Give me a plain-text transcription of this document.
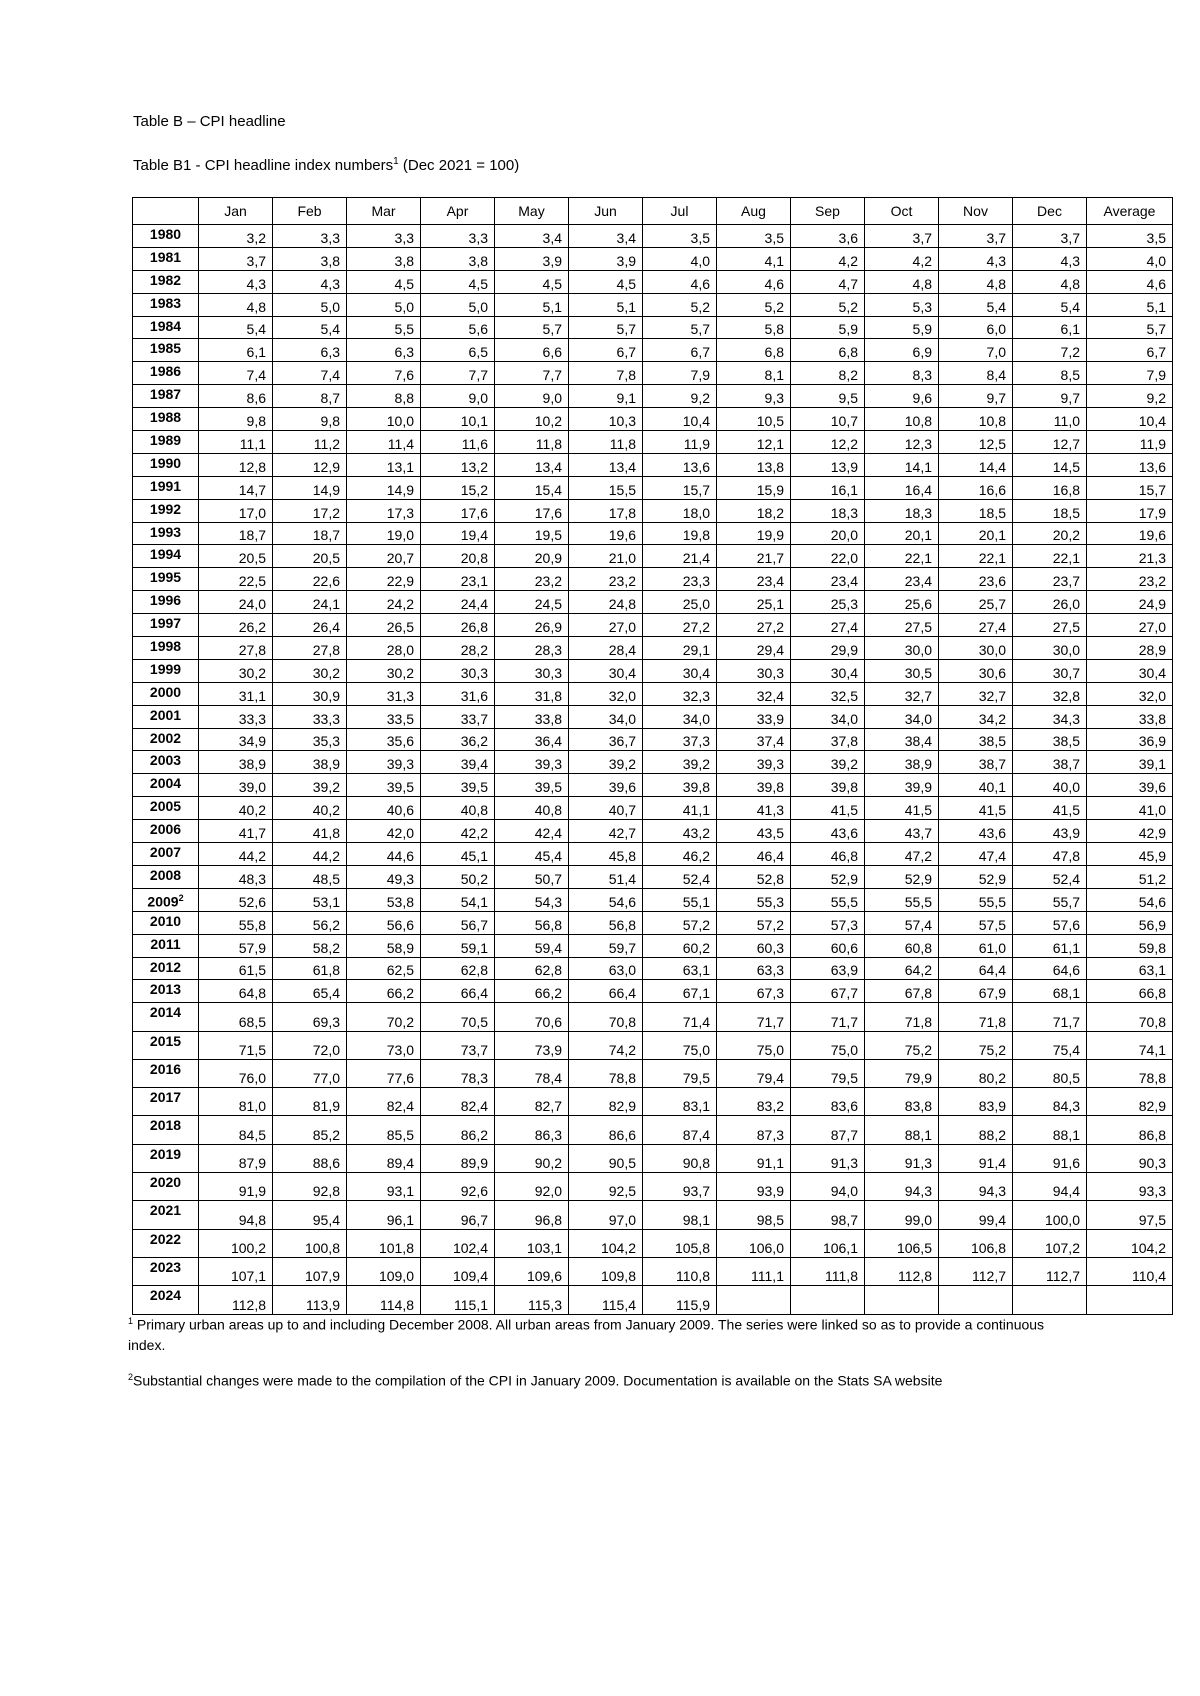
Table B – CPI headline
Table B1 - CPI headline index numbers$^1$ (Dec 2021 = 100)
	Jan	Feb	Mar	Apr	May	Jun	Jul	Aug	Sep	Oct	Nov	Dec	Average
1980	3,2	3,3	3,3	3,3	3,4	3,4	3,5	3,5	3,6	3,7	3,7	3,7	3,5
1981	3,7	3,8	3,8	3,8	3,9	3,9	4,0	4,1	4,2	4,2	4,3	4,3	4,0
1982	4,3	4,3	4,5	4,5	4,5	4,5	4,6	4,6	4,7	4,8	4,8	4,8	4,6
1983	4,8	5,0	5,0	5,0	5,1	5,1	5,2	5,2	5,2	5,3	5,4	5,4	5,1
1984	5,4	5,4	5,5	5,6	5,7	5,7	5,7	5,8	5,9	5,9	6,0	6,1	5,7
1985	6,1	6,3	6,3	6,5	6,6	6,7	6,7	6,8	6,8	6,9	7,0	7,2	6,7
1986	7,4	7,4	7,6	7,7	7,7	7,8	7,9	8,1	8,2	8,3	8,4	8,5	7,9
1987	8,6	8,7	8,8	9,0	9,0	9,1	9,2	9,3	9,5	9,6	9,7	9,7	9,2
1988	9,8	9,8	10,0	10,1	10,2	10,3	10,4	10,5	10,7	10,8	10,8	11,0	10,4
1989	11,1	11,2	11,4	11,6	11,8	11,8	11,9	12,1	12,2	12,3	12,5	12,7	11,9
1990	12,8	12,9	13,1	13,2	13,4	13,4	13,6	13,8	13,9	14,1	14,4	14,5	13,6
1991	14,7	14,9	14,9	15,2	15,4	15,5	15,7	15,9	16,1	16,4	16,6	16,8	15,7
1992	17,0	17,2	17,3	17,6	17,6	17,8	18,0	18,2	18,3	18,3	18,5	18,5	17,9
1993	18,7	18,7	19,0	19,4	19,5	19,6	19,8	19,9	20,0	20,1	20,1	20,2	19,6
1994	20,5	20,5	20,7	20,8	20,9	21,0	21,4	21,7	22,0	22,1	22,1	22,1	21,3
1995	22,5	22,6	22,9	23,1	23,2	23,2	23,3	23,4	23,4	23,4	23,6	23,7	23,2
1996	24,0	24,1	24,2	24,4	24,5	24,8	25,0	25,1	25,3	25,6	25,7	26,0	24,9
1997	26,2	26,4	26,5	26,8	26,9	27,0	27,2	27,2	27,4	27,5	27,4	27,5	27,0
1998	27,8	27,8	28,0	28,2	28,3	28,4	29,1	29,4	29,9	30,0	30,0	30,0	28,9
1999	30,2	30,2	30,2	30,3	30,3	30,4	30,4	30,3	30,4	30,5	30,6	30,7	30,4
2000	31,1	30,9	31,3	31,6	31,8	32,0	32,3	32,4	32,5	32,7	32,7	32,8	32,0
2001	33,3	33,3	33,5	33,7	33,8	34,0	34,0	33,9	34,0	34,0	34,2	34,3	33,8
2002	34,9	35,3	35,6	36,2	36,4	36,7	37,3	37,4	37,8	38,4	38,5	38,5	36,9
2003	38,9	38,9	39,3	39,4	39,3	39,2	39,2	39,3	39,2	38,9	38,7	38,7	39,1
2004	39,0	39,2	39,5	39,5	39,5	39,6	39,8	39,8	39,8	39,9	40,1	40,0	39,6
2005	40,2	40,2	40,6	40,8	40,8	40,7	41,1	41,3	41,5	41,5	41,5	41,5	41,0
2006	41,7	41,8	42,0	42,2	42,4	42,7	43,2	43,5	43,6	43,7	43,6	43,9	42,9
2007	44,2	44,2	44,6	45,1	45,4	45,8	46,2	46,4	46,8	47,2	47,4	47,8	45,9
2008	48,3	48,5	49,3	50,2	50,7	51,4	52,4	52,8	52,9	52,9	52,9	52,4	51,2
2009$^2$	52,6	53,1	53,8	54,1	54,3	54,6	55,1	55,3	55,5	55,5	55,5	55,7	54,6
2010	55,8	56,2	56,6	56,7	56,8	56,8	57,2	57,2	57,3	57,4	57,5	57,6	56,9
2011	57,9	58,2	58,9	59,1	59,4	59,7	60,2	60,3	60,6	60,8	61,0	61,1	59,8
2012	61,5	61,8	62,5	62,8	62,8	63,0	63,1	63,3	63,9	64,2	64,4	64,6	63,1
2013	64,8	65,4	66,2	66,4	66,2	66,4	67,1	67,3	67,7	67,8	67,9	68,1	66,8
2014	68,5	69,3	70,2	70,5	70,6	70,8	71,4	71,7	71,7	71,8	71,8	71,7	70,8
2015	71,5	72,0	73,0	73,7	73,9	74,2	75,0	75,0	75,0	75,2	75,2	75,4	74,1
2016	76,0	77,0	77,6	78,3	78,4	78,8	79,5	79,4	79,5	79,9	80,2	80,5	78,8
2017	81,0	81,9	82,4	82,4	82,7	82,9	83,1	83,2	83,6	83,8	83,9	84,3	82,9
2018	84,5	85,2	85,5	86,2	86,3	86,6	87,4	87,3	87,7	88,1	88,2	88,1	86,8
2019	87,9	88,6	89,4	89,9	90,2	90,5	90,8	91,1	91,3	91,3	91,4	91,6	90,3
2020	91,9	92,8	93,1	92,6	92,0	92,5	93,7	93,9	94,0	94,3	94,3	94,4	93,3
2021	94,8	95,4	96,1	96,7	96,8	97,0	98,1	98,5	98,7	99,0	99,4	100,0	97,5
2022	100,2	100,8	101,8	102,4	103,1	104,2	105,8	106,0	106,1	106,5	106,8	107,2	104,2
2023	107,1	107,9	109,0	109,4	109,6	109,8	110,8	111,1	111,8	112,8	112,7	112,7	110,4
2024	112,8	113,9	114,8	115,1	115,3	115,4	115,9						

$^1$ Primary urban areas up to and including December 2008. All urban areas from January 2009. The series were linked so as to provide a continuous index.

$^2$Substantial changes were made to the compilation of the CPI in January 2009. Documentation is available on the Stats SA website
